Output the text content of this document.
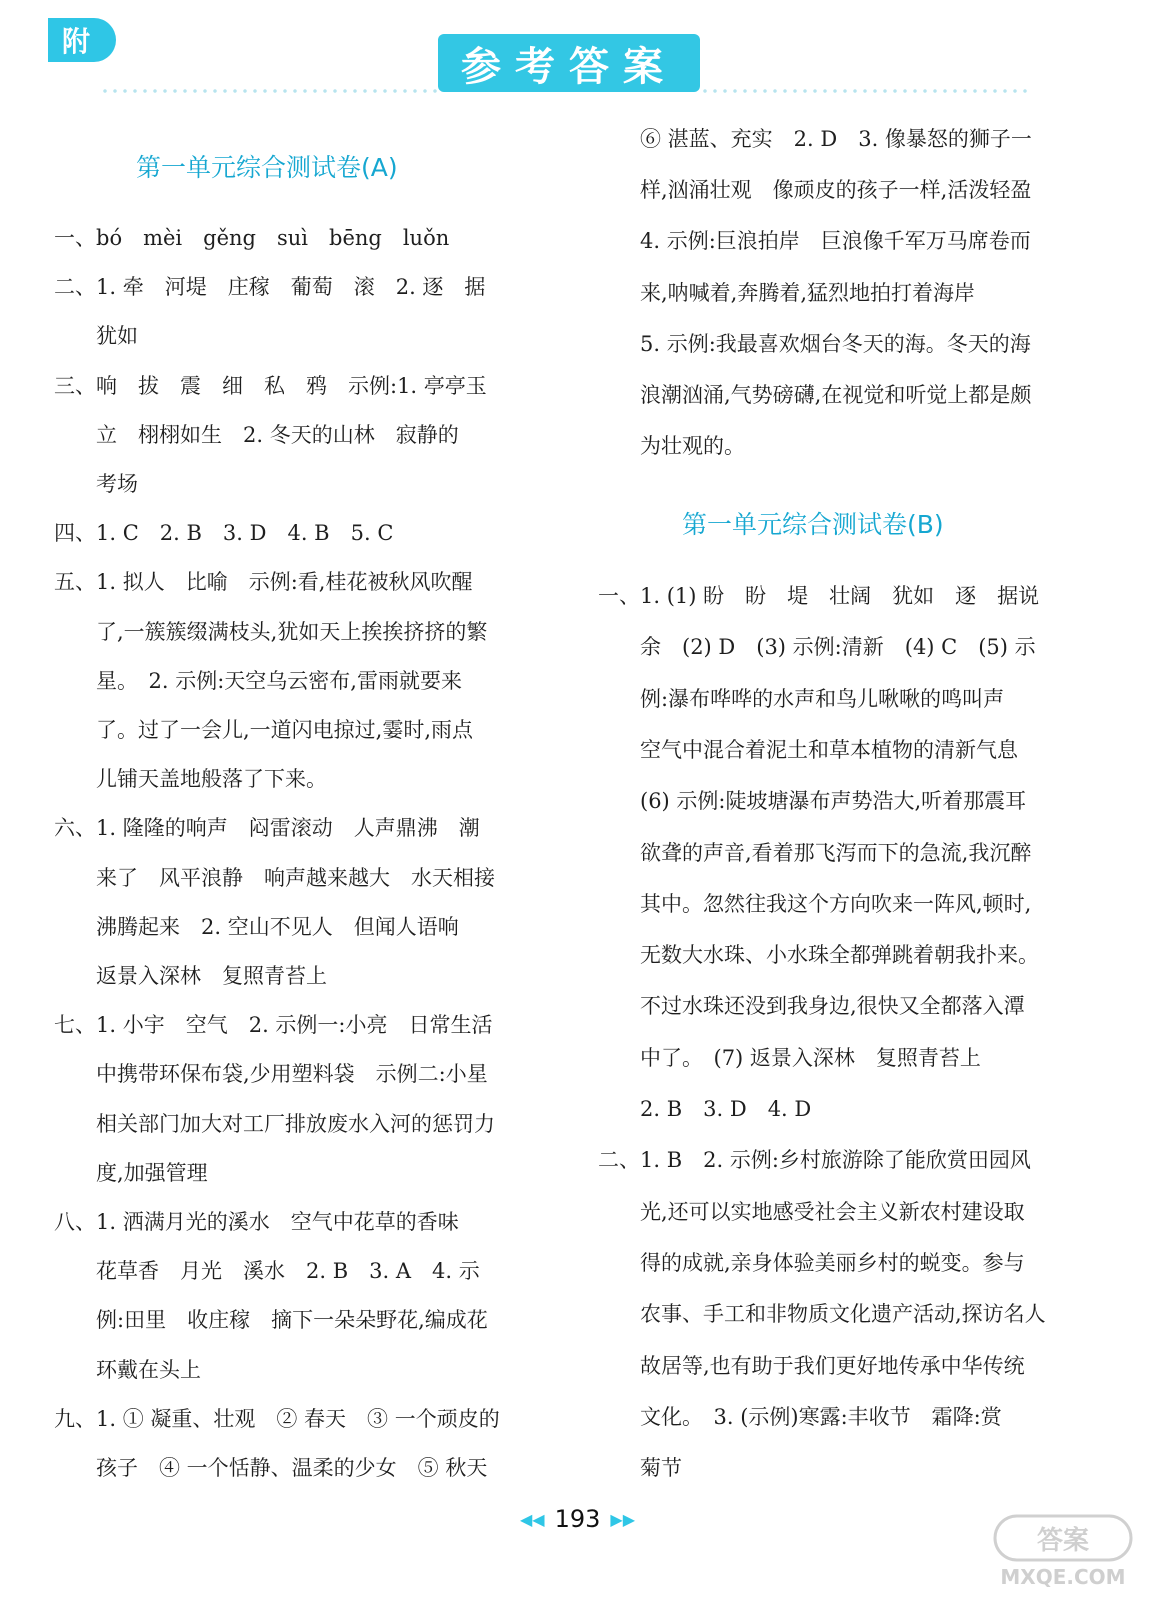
附
参考答案
第一单元综合测试卷(A)
第一单元综合测试卷(B)
一、bó　mèi　gěng　suì　bēng　luǒn
二、1. 牵　河堤　庄稼　葡萄　滚　2. 逐　据
　　犹如
三、响　拔　震　细　私　鸦　示例:1. 亭亭玉
　　立　栩栩如生　2. 冬天的山林　寂静的
　　考场
四、1. C　2. B　3. D　4. B　5. C
五、1. 拟人　比喻　示例:看,桂花被秋风吹醒
　　了,一簇簇缀满枝头,犹如天上挨挨挤挤的繁
　　星。　2. 示例:天空乌云密布,雷雨就要来
　　了。过了一会儿,一道闪电掠过,霎时,雨点
　　儿铺天盖地般落了下来。
六、1. 隆隆的响声　闷雷滚动　人声鼎沸　潮
　　来了　风平浪静　响声越来越大　水天相接
　　沸腾起来　2. 空山不见人　但闻人语响
　　返景入深林　复照青苔上
七、1. 小宇　空气　2. 示例一:小亮　日常生活
　　中携带环保布袋,少用塑料袋　示例二:小星
　　相关部门加大对工厂排放废水入河的惩罚力
　　度,加强管理
八、1. 洒满月光的溪水　空气中花草的香味
　　花草香　月光　溪水　2. B　3. A　4. 示
　　例:田里　收庄稼　摘下一朵朵野花,编成花
　　环戴在头上
九、1. ① 凝重、壮观　② 春天　③ 一个顽皮的
　　孩子　④ 一个恬静、温柔的少女　⑤ 秋天
⑥ 湛蓝、充实　2. D　3. 像暴怒的狮子一
样,汹涌壮观　像顽皮的孩子一样,活泼轻盈
4. 示例:巨浪拍岸　巨浪像千军万马席卷而
来,呐喊着,奔腾着,猛烈地拍打着海岸
5. 示例:我最喜欢烟台冬天的海。冬天的海
浪潮汹涌,气势磅礴,在视觉和听觉上都是颇
为壮观的。
一、1. (1) 盼　盼　堤　壮阔　犹如　逐　据说
　　余　(2) D　(3) 示例:清新　(4) C　(5) 示
　　例:瀑布哗哗的水声和鸟儿啾啾的鸣叫声
　　空气中混合着泥土和草本植物的清新气息
　　(6) 示例:陡坡塘瀑布声势浩大,听着那震耳
　　欲聋的声音,看着那飞泻而下的急流,我沉醉
　　其中。忽然往我这个方向吹来一阵风,顿时,
　　无数大水珠、小水珠全都弹跳着朝我扑来。
　　不过水珠还没到我身边,很快又全都落入潭
　　中了。　(7) 返景入深林　复照青苔上
　　2. B　3. D　4. D
二、1. B　2. 示例:乡村旅游除了能欣赏田园风
　　光,还可以实地感受社会主义新农村建设取
　　得的成就,亲身体验美丽乡村的蜕变。参与
　　农事、手工和非物质文化遗产活动,探访名人
　　故居等,也有助于我们更好地传承中华传统
　　文化。　3. (示例)寒露:丰收节　霜降:赏
　　菊节
◀◀ 193 ▶▶
答案
MXQE.COM
